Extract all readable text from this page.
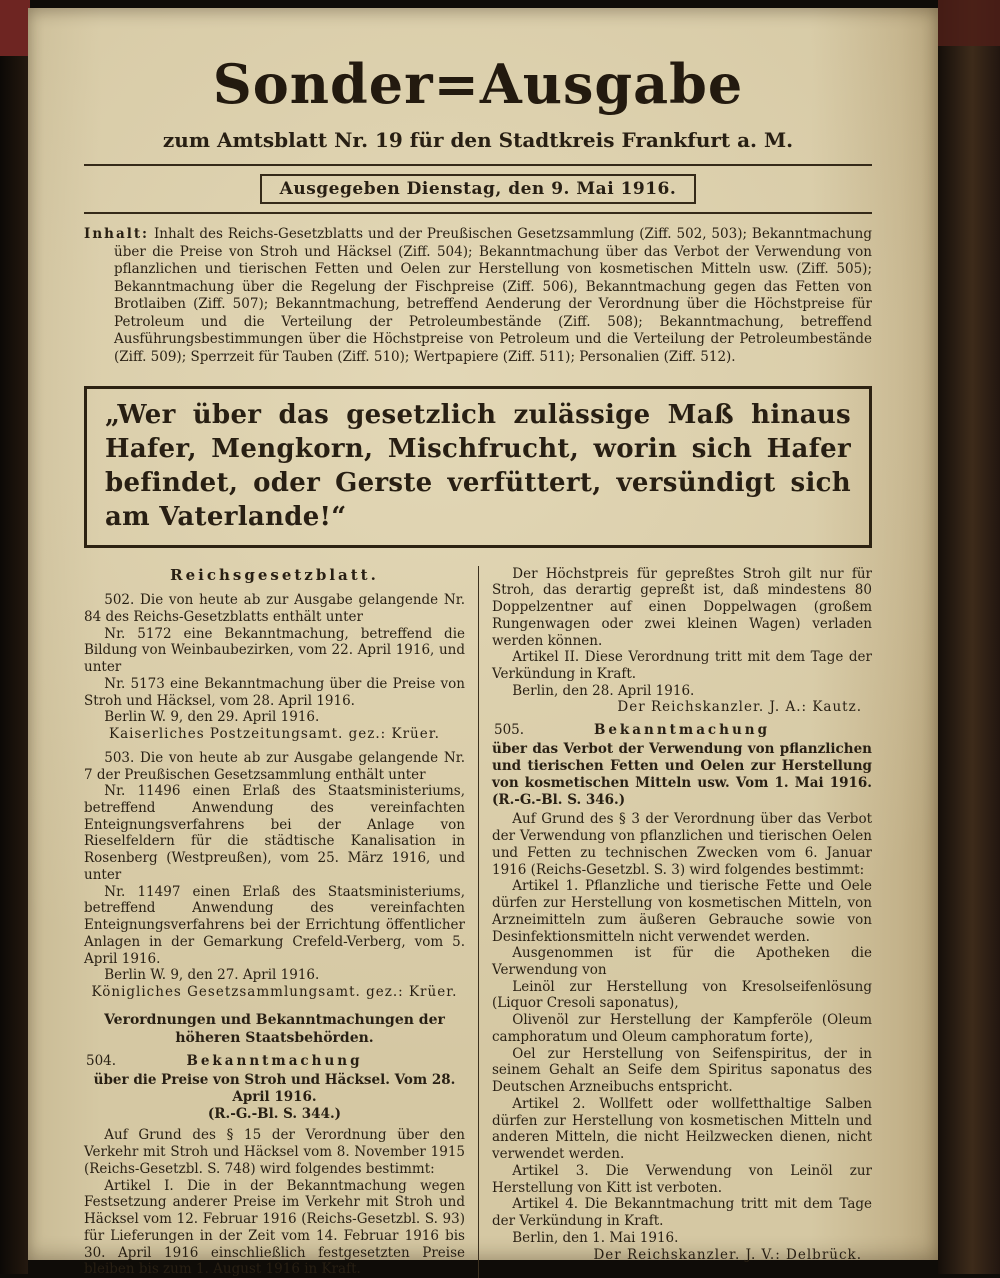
Sonder=Ausgabe
zum Amtsblatt Nr. 19 für den Stadtkreis Frankfurt a. M.
Ausgegeben Dienstag, den 9. Mai 1916.

Inhalt: Inhalt des Reichs-Gesetzblatts und der Preußischen Gesetzsammlung (Ziff. 502, 503); Bekanntmachung über die Preise von Stroh und Häcksel (Ziff. 504); Bekanntmachung über das Verbot der Verwendung von pflanzlichen und tierischen Fetten und Oelen zur Herstellung von kosmetischen Mitteln usw. (Ziff. 505); Bekanntmachung über die Regelung der Fischpreise (Ziff. 506), Bekanntmachung gegen das Fetten von Brotlaiben (Ziff. 507); Bekanntmachung, betreffend Aenderung der Verordnung über die Höchstpreise für Petroleum und die Verteilung der Petroleumbestände (Ziff. 508); Bekanntmachung, betreffend Ausführungsbestimmungen über die Höchstpreise von Petroleum und die Verteilung der Petroleumbestände (Ziff. 509); Sperrzeit für Tauben (Ziff. 510); Wertpapiere (Ziff. 511); Personalien (Ziff. 512).

„Wer über das gesetzlich zulässige Maß hinaus Hafer, Mengkorn, Mischfrucht, worin sich Hafer befindet, oder Gerste verfüttert, versündigt sich am Vaterlande!“

Reichsgesetzblatt.

502. Die von heute ab zur Ausgabe gelangende Nr. 84 des Reichs-Gesetzblatts enthält unter

Nr. 5172 eine Bekanntmachung, betreffend die Bildung von Weinbaubezirken, vom 22. April 1916, und unter

Nr. 5173 eine Bekanntmachung über die Preise von Stroh und Häcksel, vom 28. April 1916.

Berlin W. 9, den 29. April 1916.

Kaiserliches Postzeitungsamt. gez.: Krüer.

503. Die von heute ab zur Ausgabe gelangende Nr. 7 der Preußischen Gesetzsammlung enthält unter

Nr. 11496 einen Erlaß des Staatsministeriums, betreffend Anwendung des vereinfachten Enteignungsverfahrens bei der Anlage von Rieselfeldern für die städtische Kanalisation in Rosenberg (Westpreußen), vom 25. März 1916, und unter

Nr. 11497 einen Erlaß des Staatsministeriums, betreffend Anwendung des vereinfachten Enteignungsverfahrens bei der Errichtung öffentlicher Anlagen in der Gemarkung Crefeld-Verberg, vom 5. April 1916.

Berlin W. 9, den 27. April 1916.

Königliches Gesetzsammlungsamt. gez.: Krüer.

Verordnungen und Bekanntmachungen der höheren Staatsbehörden.
504.	Bekanntmachung

über die Preise von Stroh und Häcksel. Vom 28. April 1916.

(R.-G.-Bl. S. 344.)

Auf Grund des § 15 der Verordnung über den Verkehr mit Stroh und Häcksel vom 8. November 1915 (Reichs-Gesetzbl. S. 748) wird folgendes bestimmt:

Artikel I. Die in der Bekanntmachung wegen Festsetzung anderer Preise im Verkehr mit Stroh und Häcksel vom 12. Februar 1916 (Reichs-Gesetzbl. S. 93) für Lieferungen in der Zeit vom 14. Februar 1916 bis 30. April 1916 einschließlich festgesetzten Preise bleiben bis zum 1. August 1916 in Kraft.

Der Höchstpreis für gepreßtes Stroh gilt nur für Stroh, das derartig gepreßt ist, daß mindestens 80 Doppelzentner auf einen Doppelwagen (großem Rungenwagen oder zwei kleinen Wagen) verladen werden können.

Artikel II. Diese Verordnung tritt mit dem Tage der Verkündung in Kraft.

Berlin, den 28. April 1916.

Der Reichskanzler. J. A.: Kautz.

505.	Bekanntmachung

über das Verbot der Verwendung von pflanzlichen und tierischen Fetten und Oelen zur Herstellung von kosmetischen Mitteln usw. Vom 1. Mai 1916. (R.-G.-Bl. S. 346.)

Auf Grund des § 3 der Verordnung über das Verbot der Verwendung von pflanzlichen und tierischen Oelen und Fetten zu technischen Zwecken vom 6. Januar 1916 (Reichs-Gesetzbl. S. 3) wird folgendes bestimmt:

Artikel 1. Pflanzliche und tierische Fette und Oele dürfen zur Herstellung von kosmetischen Mitteln, von Arzneimitteln zum äußeren Gebrauche sowie von Desinfektionsmitteln nicht verwendet werden.

Ausgenommen ist für die Apotheken die Verwendung von

Leinöl zur Herstellung von Kresolseifenlösung (Liquor Cresoli saponatus),

Olivenöl zur Herstellung der Kampferöle (Oleum camphoratum und Oleum camphoratum forte),

Oel zur Herstellung von Seifenspiritus, der in seinem Gehalt an Seife dem Spiritus saponatus des Deutschen Arzneibuchs entspricht.

Artikel 2. Wollfett oder wollfetthaltige Salben dürfen zur Herstellung von kosmetischen Mitteln und anderen Mitteln, die nicht Heilzwecken dienen, nicht verwendet werden.

Artikel 3. Die Verwendung von Leinöl zur Herstellung von Kitt ist verboten.

Artikel 4. Die Bekanntmachung tritt mit dem Tage der Verkündung in Kraft.

Berlin, den 1. Mai 1916.

Der Reichskanzler. J. V.: Delbrück.
